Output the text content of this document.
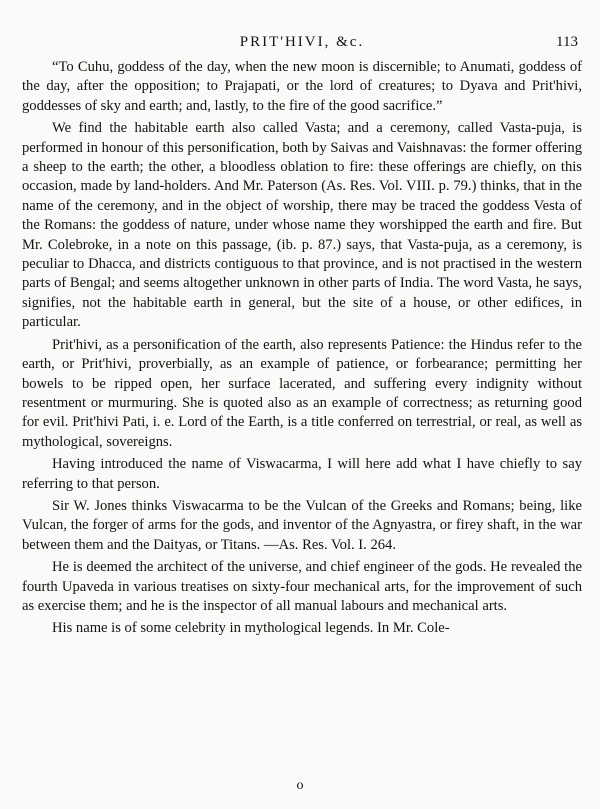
PRIT'HIVI, &c.	113

“To Cuhu, goddess of the day, when the new moon is discernible; to Anumati, goddess of the day, after the opposition; to Prajapati, or the lord of creatures; to Dyava and Prit'hivi, goddesses of sky and earth; and, lastly, to the fire of the good sacrifice.”

We find the habitable earth also called Vasta; and a ceremony, called Vasta-puja, is performed in honour of this personification, both by Saivas and Vaishnavas: the former offering a sheep to the earth; the other, a bloodless oblation to fire: these offerings are chiefly, on this occasion, made by land-holders. And Mr. Paterson (As. Res. Vol. VIII. p. 79.) thinks, that in the name of the ceremony, and in the object of worship, there may be traced the goddess Vesta of the Romans: the goddess of nature, under whose name they worshipped the earth and fire. But Mr. Colebroke, in a note on this passage, (ib. p. 87.) says, that Vasta-puja, as a ceremony, is peculiar to Dhacca, and districts contiguous to that province, and is not practised in the western parts of Bengal; and seems altogether unknown in other parts of India. The word Vasta, he says, signifies, not the habitable earth in general, but the site of a house, or other edifices, in particular.

Prit'hivi, as a personification of the earth, also represents Patience: the Hindus refer to the earth, or Prit'hivi, proverbially, as an example of patience, or forbearance; permitting her bowels to be ripped open, her surface lacerated, and suffering every indignity without resentment or murmuring. She is quoted also as an example of correctness; as returning good for evil. Prit'hivi Pati, i. e. Lord of the Earth, is a title conferred on terrestrial, or real, as well as mythological, sovereigns.

Having introduced the name of Viswacarma, I will here add what I have chiefly to say referring to that person.

Sir W. Jones thinks Viswacarma to be the Vulcan of the Greeks and Romans; being, like Vulcan, the forger of arms for the gods, and inventor of the Agnyastra, or firey shaft, in the war between them and the Daityas, or Titans. —As. Res. Vol. I. 264.

He is deemed the architect of the universe, and chief engineer of the gods. He revealed the fourth Upaveda in various treatises on sixty-four mechanical arts, for the improvement of such as exercise them; and he is the inspector of all manual labours and mechanical arts.

His name is of some celebrity in mythological legends. In Mr. Cole-

o
